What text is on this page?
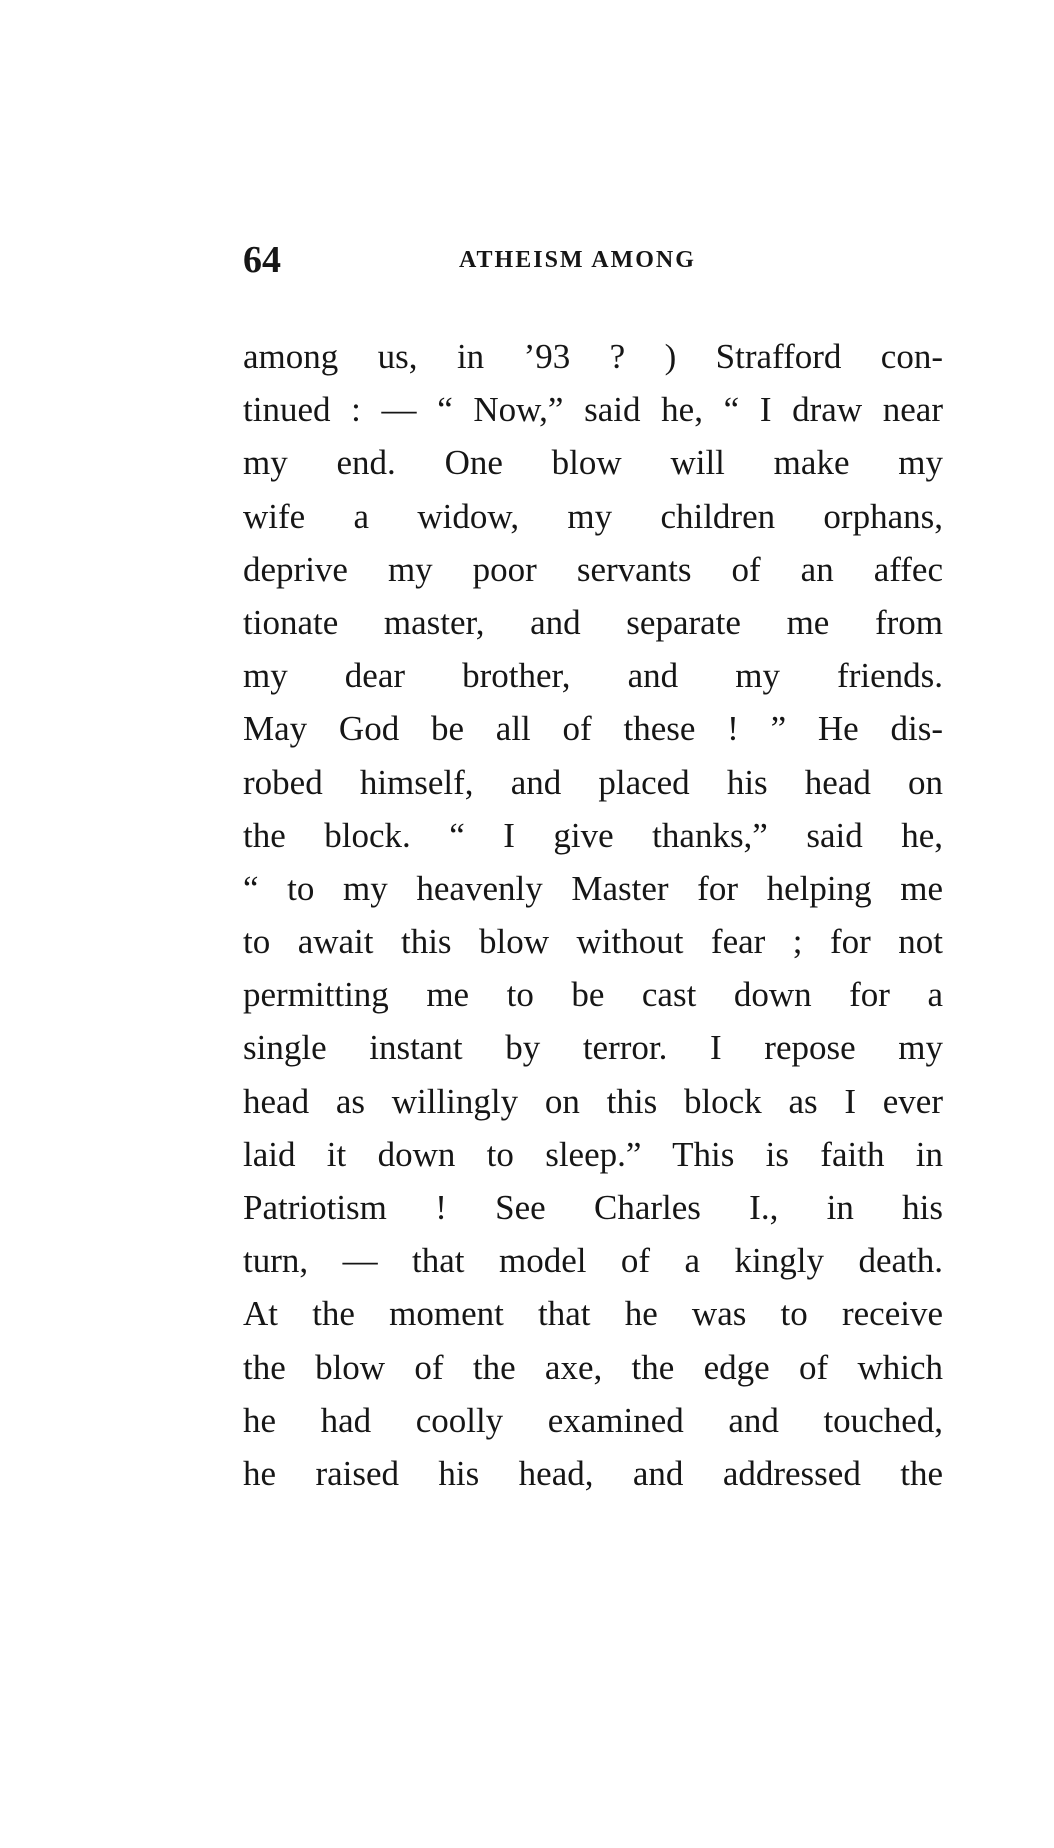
64	ATHEISM AMONG
among us, in ’93 ? ) Strafford con-
tinued : — “ Now,” said he, “ I draw near
my end. One blow will make my
wife a widow, my children orphans,
deprive my poor servants of an affec
tionate master, and separate me from
my dear brother, and my friends.
May God be all of these ! ” He dis-
robed himself, and placed his head on
the block. “ I give thanks,” said he,
“ to my heavenly Master for helping me
to await this blow without fear ; for not
permitting me to be cast down for a
single instant by terror. I repose my
head as willingly on this block as I ever
laid it down to sleep.” This is faith in
Patriotism ! See Charles I., in his
turn, — that model of a kingly death.
At the moment that he was to receive
the blow of the axe, the edge of which
he had coolly examined and touched,
he raised his head, and addressed the
